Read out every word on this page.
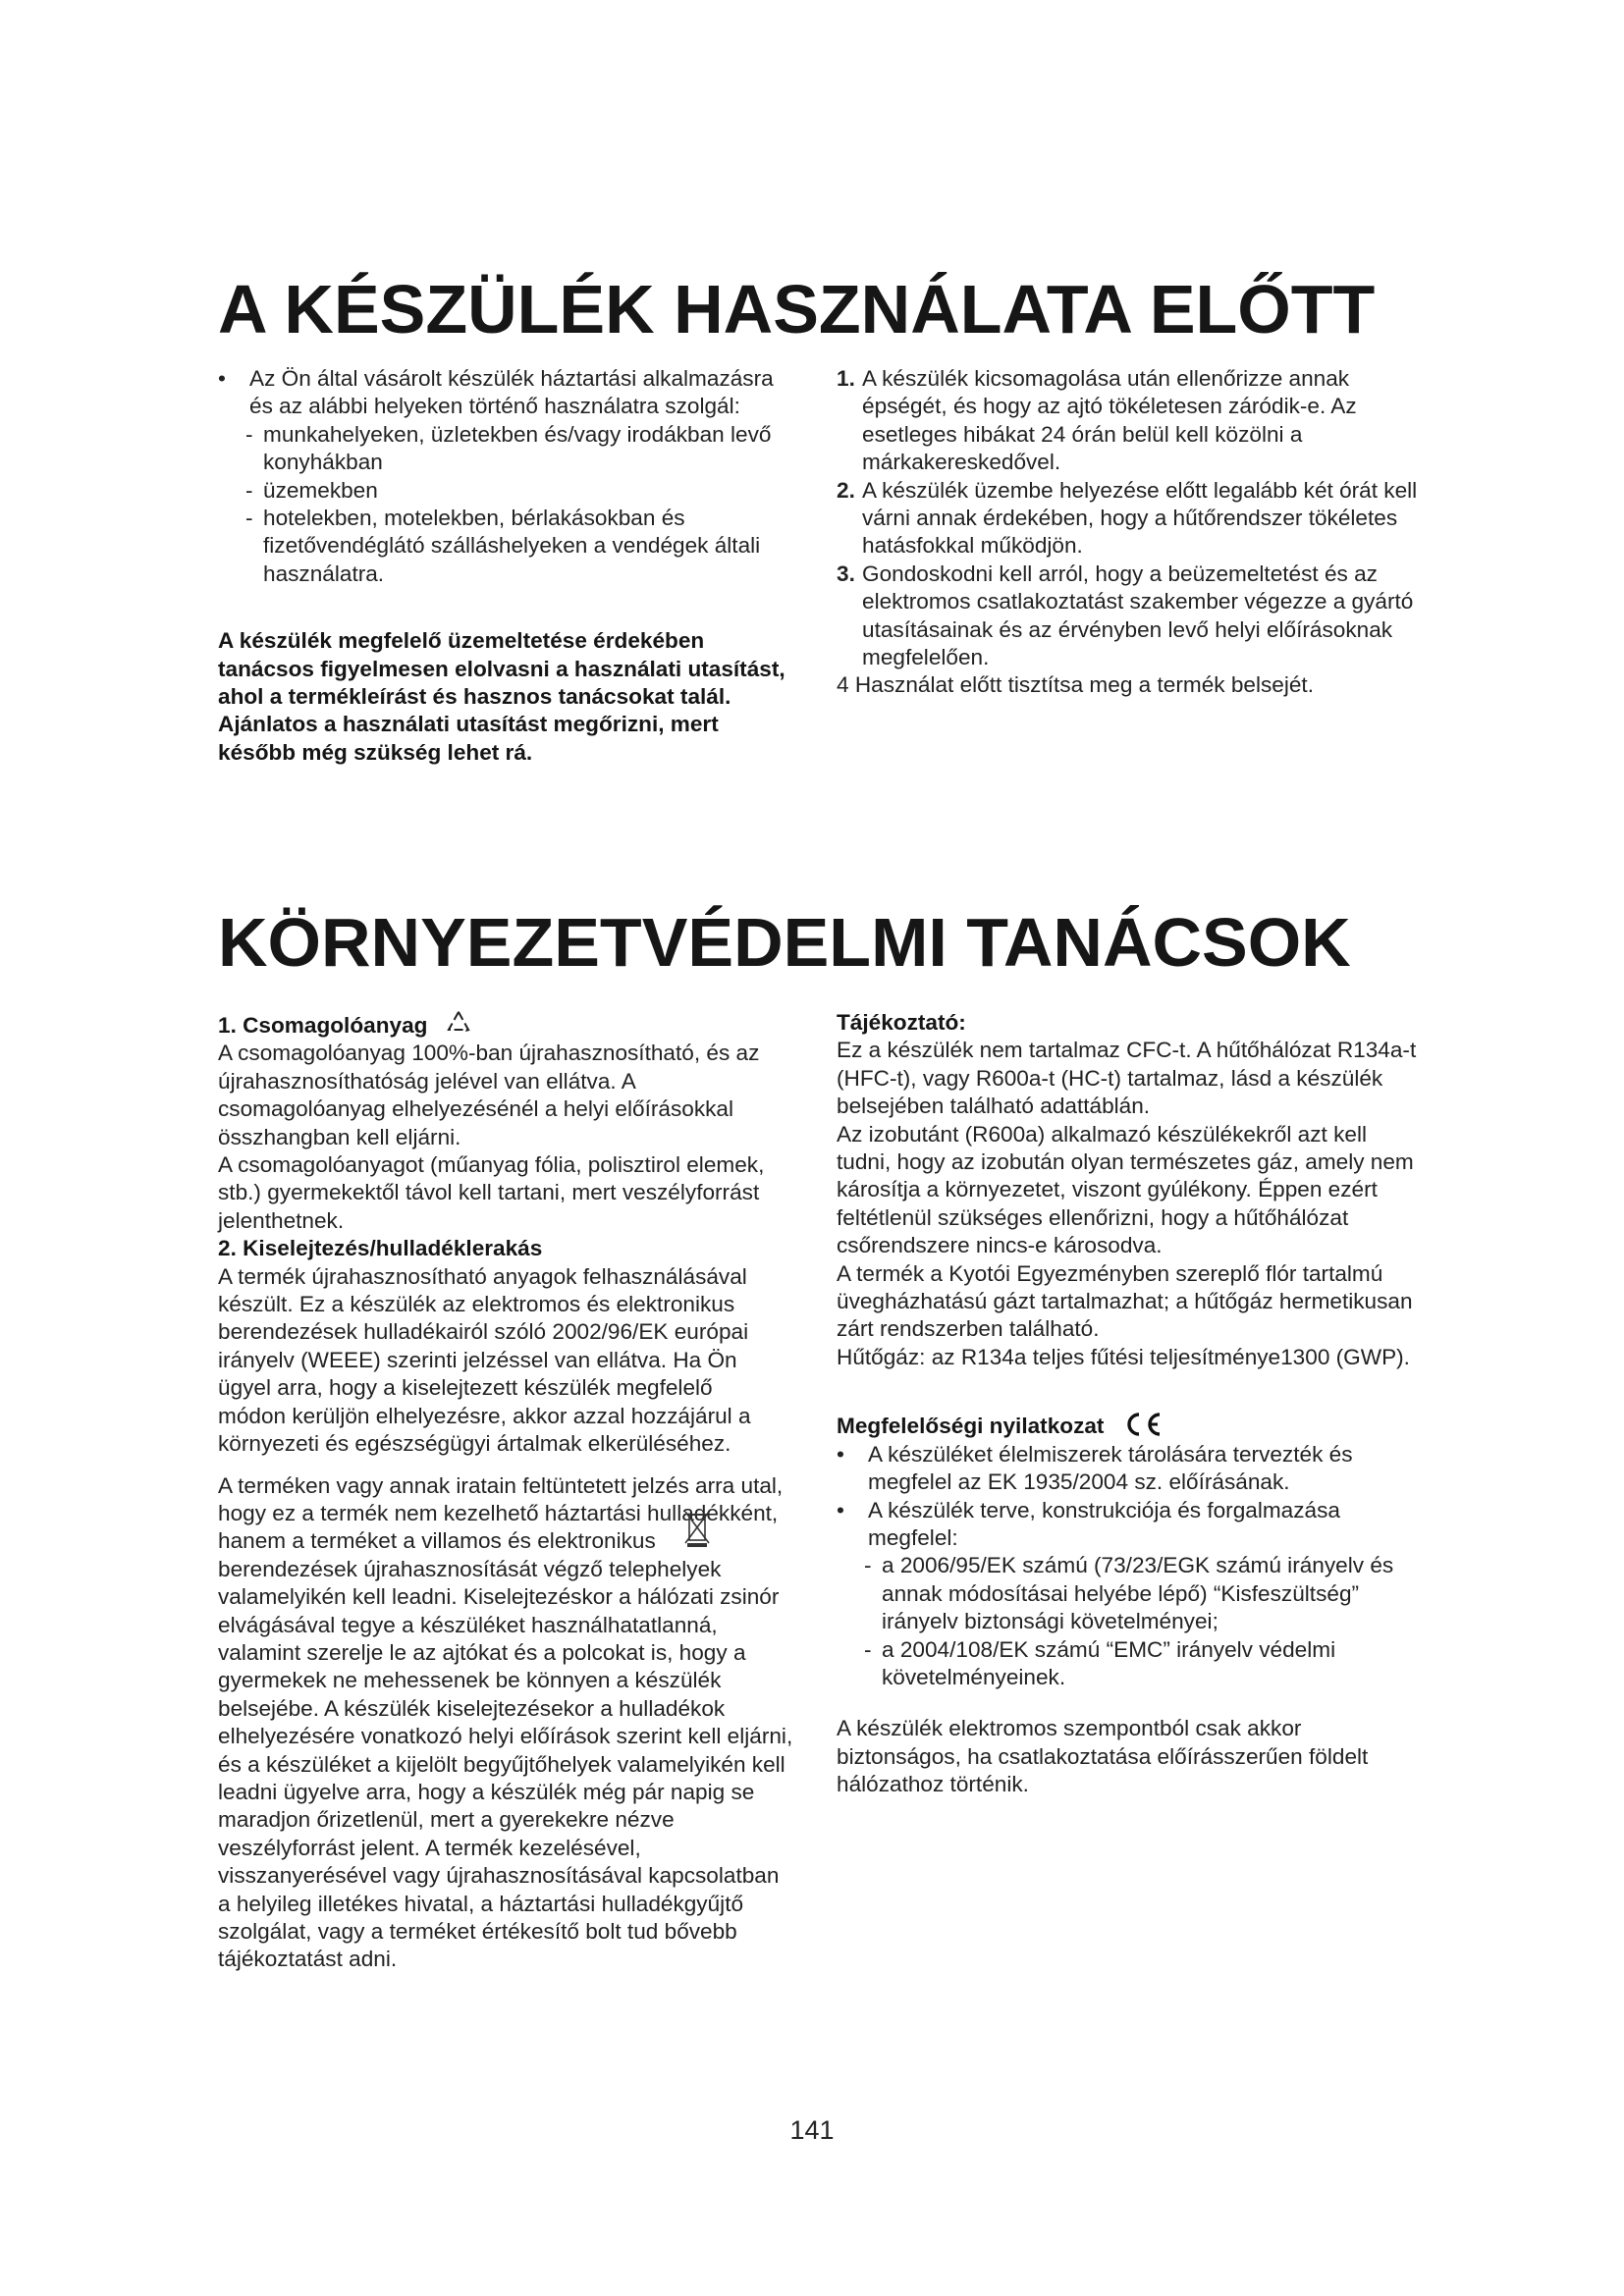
A KÉSZÜLÉK HASZNÁLATA ELŐTT
• Az Ön által vásárolt készülék háztartási alkalmazásra és az alábbi helyeken történő használatra szolgál:

- munkahelyeken, üzletekben és/vagy irodákban levő konyhákban

- üzemekben

- hotelekben, motelekben, bérlakásokban és fizetővendéglátó szálláshelyeken a vendégek általi használatra.

A készülék megfelelő üzemeltetése érdekében tanácsos figyelmesen elolvasni a használati utasítást, ahol a termékleírást és hasznos tanácsokat talál.

Ajánlatos a használati utasítást megőrizni, mert később még szükség lehet rá.

1. A készülék kicsomagolása után ellenőrizze annak épségét, és hogy az ajtó tökéletesen záródik-e. Az esetleges hibákat 24 órán belül kell közölni a márkakereskedővel.

2. A készülék üzembe helyezése előtt legalább két órát kell várni annak érdekében, hogy a hűtőrendszer tökéletes hatásfokkal működjön.

3. Gondoskodni kell arról, hogy a beüzemeltetést és az elektromos csatlakoztatást szakember végezze a gyártó utasításainak és az érvényben levő helyi előírásoknak megfelelően.

4 Használat előtt tisztítsa meg a termék belsejét.

KÖRNYEZETVÉDELMI TANÁCSOK

1. Csomagolóanyag

A csomagolóanyag 100%-ban újrahasznosítható, és az újrahasznosíthatóság jelével van ellátva. A csomagolóanyag elhelyezésénél a helyi előírásokkal összhangban kell eljárni.

A csomagolóanyagot (műanyag fólia, polisztirol elemek, stb.) gyermekektől távol kell tartani, mert veszélyforrást jelenthetnek.

2. Kiselejtezés/hulladéklerakás

A termék újrahasznosítható anyagok felhasználásával készült. Ez a készülék az elektromos és elektronikus berendezések hulladékairól szóló 2002/96/EK európai irányelv (WEEE) szerinti jelzéssel van ellátva. Ha Ön ügyel arra, hogy a kiselejtezett készülék megfelelő módon kerüljön elhelyezésre, akkor azzal hozzájárul a környezeti és egészségügyi ártalmak elkerüléséhez.

A terméken vagy annak iratain feltüntetett jelzés arra utal, hogy ez a termék nem kezelhető háztartási hulladékként, hanem a terméket a villamos és elektronikus berendezések újrahasznosítását végző telephelyek valamelyikén kell leadni. Kiselejtezéskor a hálózati zsinór elvágásával tegye a készüléket használhatatlanná, valamint szerelje le az ajtókat és a polcokat is, hogy a gyermekek ne mehessenek be könnyen a készülék belsejébe. A készülék kiselejtezésekor a hulladékok elhelyezésére vonatkozó helyi előírások szerint kell eljárni, és a készüléket a kijelölt begyűjtőhelyek valamelyikén kell leadni ügyelve arra, hogy a készülék még pár napig se maradjon őrizetlenül, mert a gyerekekre nézve veszélyforrást jelent. A termék kezelésével, visszanyerésével vagy újrahasznosításával kapcsolatban a helyileg illetékes hivatal, a háztartási hulladékgyűjtő szolgálat, vagy a terméket értékesítő bolt tud bővebb tájékoztatást adni.

Tájékoztató:

Ez a készülék nem tartalmaz CFC-t. A hűtőhálózat R134a-t (HFC-t), vagy R600a-t (HC-t) tartalmaz, lásd a készülék belsejében található adattáblán.

Az izobutánt (R600a) alkalmazó készülékekről azt kell tudni, hogy az izobután olyan természetes gáz, amely nem károsítja a környezetet, viszont gyúlékony. Éppen ezért feltétlenül szükséges ellenőrizni, hogy a hűtőhálózat csőrendszere nincs-e károsodva.

A termék a Kyotói Egyezményben szereplő flór tartalmú üvegházhatású gázt tartalmazhat; a hűtőgáz hermetikusan zárt rendszerben található.

Hűtőgáz: az R134a teljes fűtési teljesítménye1300 (GWP).

Megfelelőségi nyilatkozat

• A készüléket élelmiszerek tárolására tervezték és megfelel az EK 1935/2004 sz. előírásának.

• A készülék terve, konstrukciója és forgalmazása megfelel:

- a 2006/95/EK számú (73/23/EGK számú irányelv és annak módosításai helyébe lépő) “Kisfeszültség” irányelv biztonsági követelményei;

- a 2004/108/EK számú “EMC” irányelv védelmi követelményeinek.

A készülék elektromos szempontból csak akkor biztonságos, ha csatlakoztatása előírásszerűen földelt hálózathoz történik.

141
